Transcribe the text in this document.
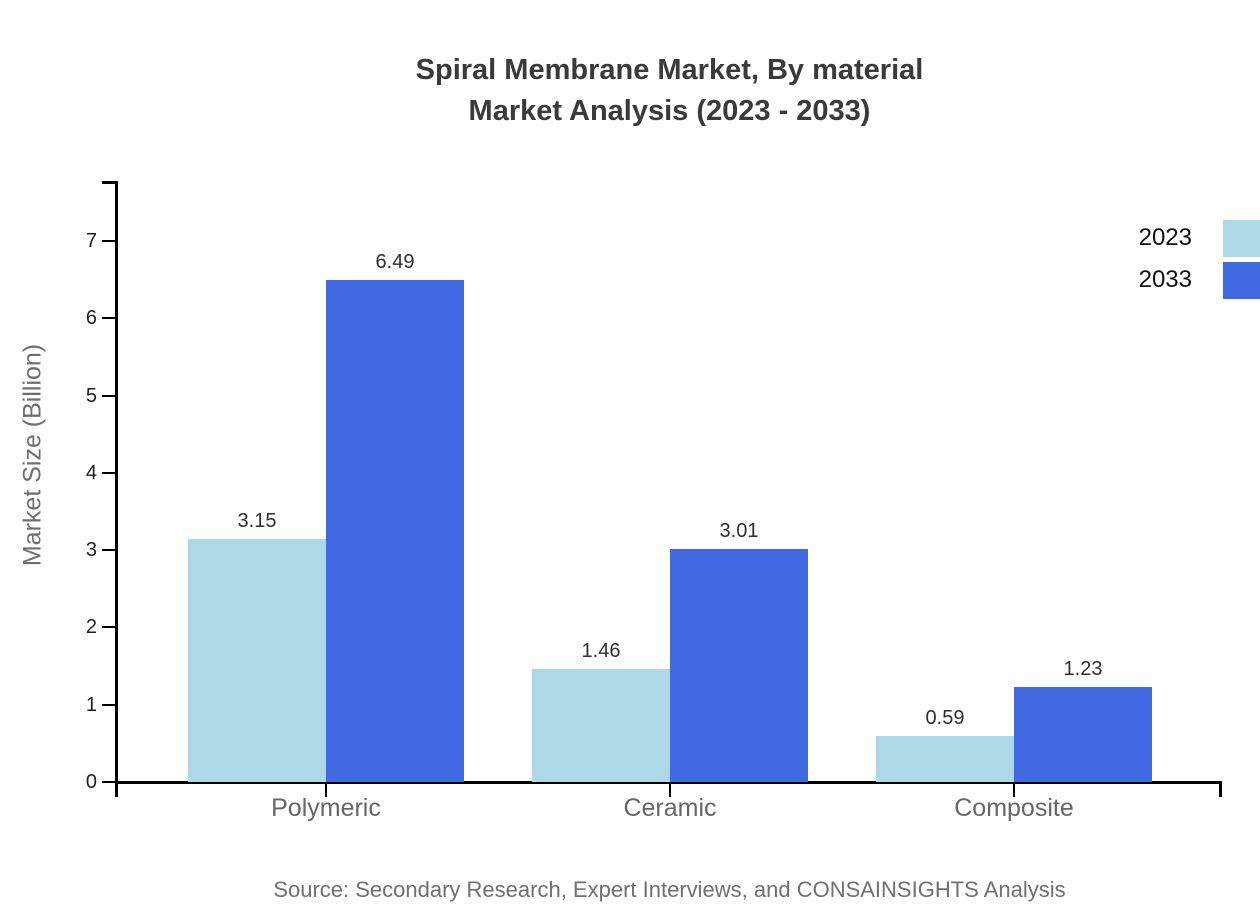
Spiral Membrane Market, By material
Market Analysis (2023 - 2033)
Market Size (Billion)
0
1
2
3
4
5
6
7
Polymeric
3.15
6.49
Ceramic
1.46
3.01
Composite
0.59
1.23
2023
2033
Source: Secondary Research, Expert Interviews, and CONSAINSIGHTS Analysis
